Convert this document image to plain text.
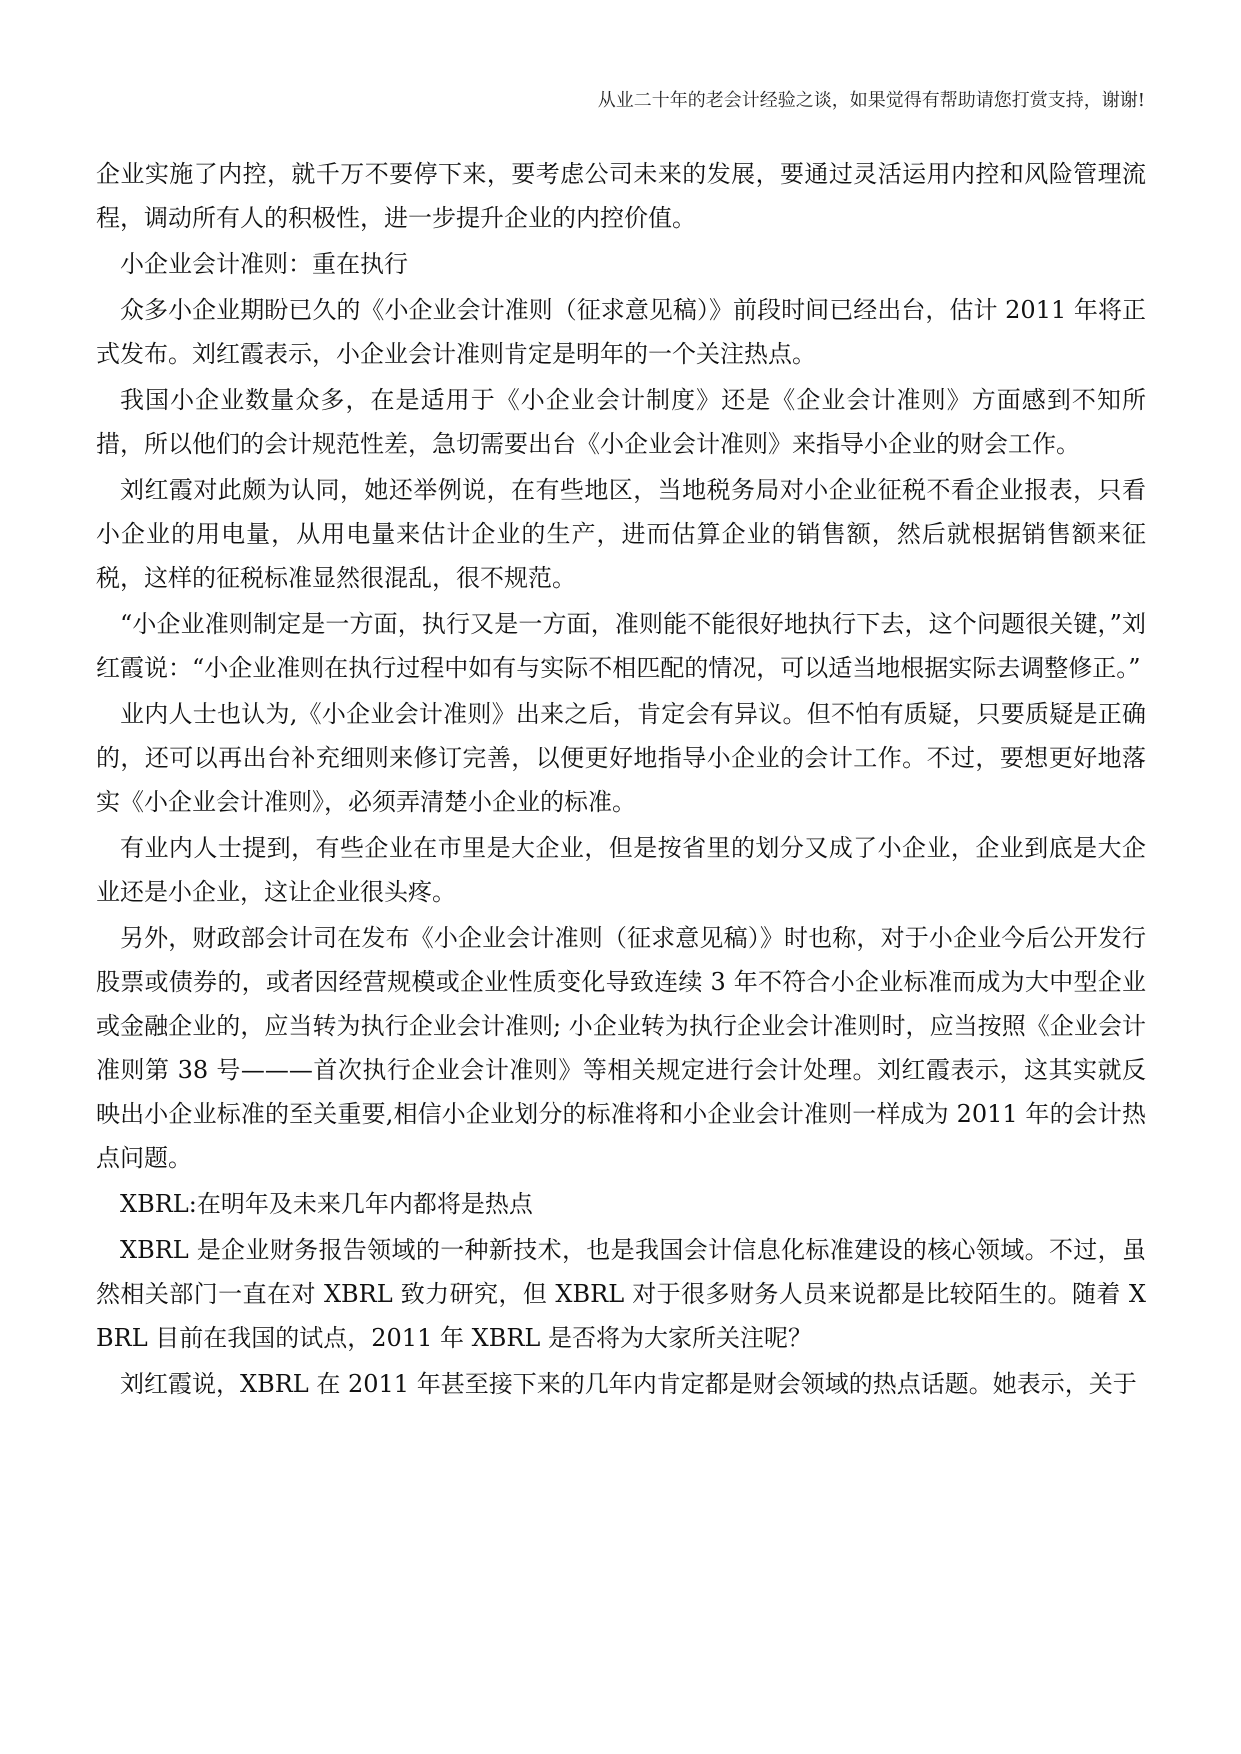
从业二十年的老会计经验之谈，如果觉得有帮助请您打赏支持，谢谢!

企业实施了内控，就千万不要停下来，要考虑公司未来的发展，要通过灵活运用内控和风险管理流程，调动所有人的积极性，进一步提升企业的内控价值。

小企业会计准则：重在执行

众多小企业期盼已久的《小企业会计准则（征求意见稿）》前段时间已经出台，估计 2011 年将正式发布。刘红霞表示，小企业会计准则肯定是明年的一个关注热点。

我国小企业数量众多，在是适用于《小企业会计制度》还是《企业会计准则》方面感到不知所措，所以他们的会计规范性差，急切需要出台《小企业会计准则》来指导小企业的财会工作。

刘红霞对此颇为认同，她还举例说，在有些地区，当地税务局对小企业征税不看企业报表，只看小企业的用电量，从用电量来估计企业的生产，进而估算企业的销售额，然后就根据销售额来征税，这样的征税标准显然很混乱，很不规范。

“小企业准则制定是一方面，执行又是一方面，准则能不能很好地执行下去，这个问题很关键，”刘红霞说：“小企业准则在执行过程中如有与实际不相匹配的情况，可以适当地根据实际去调整修正。”

业内人士也认为,《小企业会计准则》出来之后，肯定会有异议。但不怕有质疑，只要质疑是正确的，还可以再出台补充细则来修订完善，以便更好地指导小企业的会计工作。不过，要想更好地落实《小企业会计准则》，必须弄清楚小企业的标准。

有业内人士提到，有些企业在市里是大企业，但是按省里的划分又成了小企业，企业到底是大企业还是小企业，这让企业很头疼。

另外，财政部会计司在发布《小企业会计准则（征求意见稿）》时也称，对于小企业今后公开发行股票或债券的，或者因经营规模或企业性质变化导致连续 3 年不符合小企业标准而成为大中型企业或金融企业的，应当转为执行企业会计准则; 小企业转为执行企业会计准则时，应当按照《企业会计准则第 38 号———首次执行企业会计准则》等相关规定进行会计处理。刘红霞表示，这其实就反映出小企业标准的至关重要,相信小企业划分的标准将和小企业会计准则一样成为 2011 年的会计热点问题。

XBRL:在明年及未来几年内都将是热点

XBRL 是企业财务报告领域的一种新技术，也是我国会计信息化标准建设的核心领域。不过，虽然相关部门一直在对 XBRL 致力研究，但 XBRL 对于很多财务人员来说都是比较陌生的。随着 XBRL 目前在我国的试点，2011 年 XBRL 是否将为大家所关注呢？

刘红霞说，XBRL 在 2011 年甚至接下来的几年内肯定都是财会领域的热点话题。她表示，关于
